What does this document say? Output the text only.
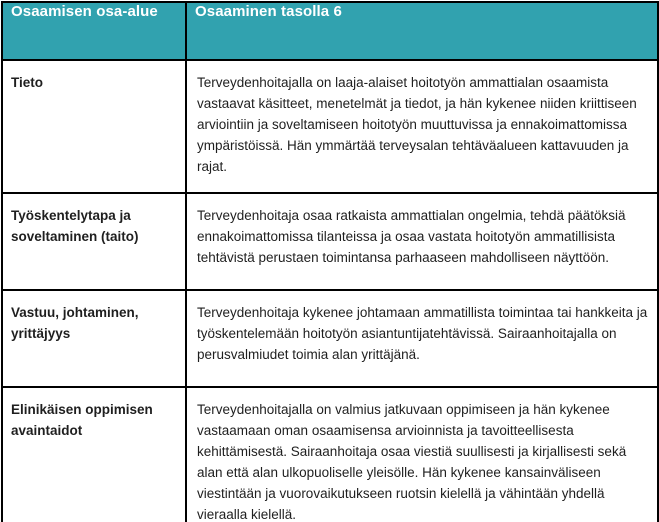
Osaamisen osa-alue	Osaaminen tasolla 6
Tieto	Terveydenhoitajalla on laaja-alaiset hoitotyön ammattialan osaamista vastaavat käsitteet, menetelmät ja tiedot, ja hän kykenee niiden kriittiseen arviointiin ja soveltamiseen hoitotyön muuttuvissa ja ennakoimattomissa ympäristöissä. Hän ymmärtää terveysalan tehtäväalueen kattavuuden ja rajat.
Työskentelytapa ja soveltaminen (taito)	Terveydenhoitaja osaa ratkaista ammattialan ongelmia, tehdä päätöksiä ennakoimattomissa tilanteissa ja osaa vastata hoitotyön ammatillisista tehtävistä perustaen toimintansa parhaaseen mahdolliseen näyttöön.
Vastuu, johtaminen, yrittäjyys	Terveydenhoitaja kykenee johtamaan ammatillista toimintaa tai hankkeita ja työskentelemään hoitotyön asiantuntijatehtävissä. Sairaanhoitajalla on perusvalmiudet toimia alan yrittäjänä.
Elinikäisen oppimisen avaintaidot	Terveydenhoitajalla on valmius jatkuvaan oppimiseen ja hän kykenee vastaamaan oman osaamisensa arvioinnista ja tavoitteellisesta kehittämisestä. Sairaanhoitaja osaa viestiä suullisesti ja kirjallisesti sekä alan että alan ulkopuoliselle yleisölle. Hän kykenee kansainväliseen viestintään ja vuorovaikutukseen ruotsin kielellä ja vähintään yhdellä vieraalla kielellä.
